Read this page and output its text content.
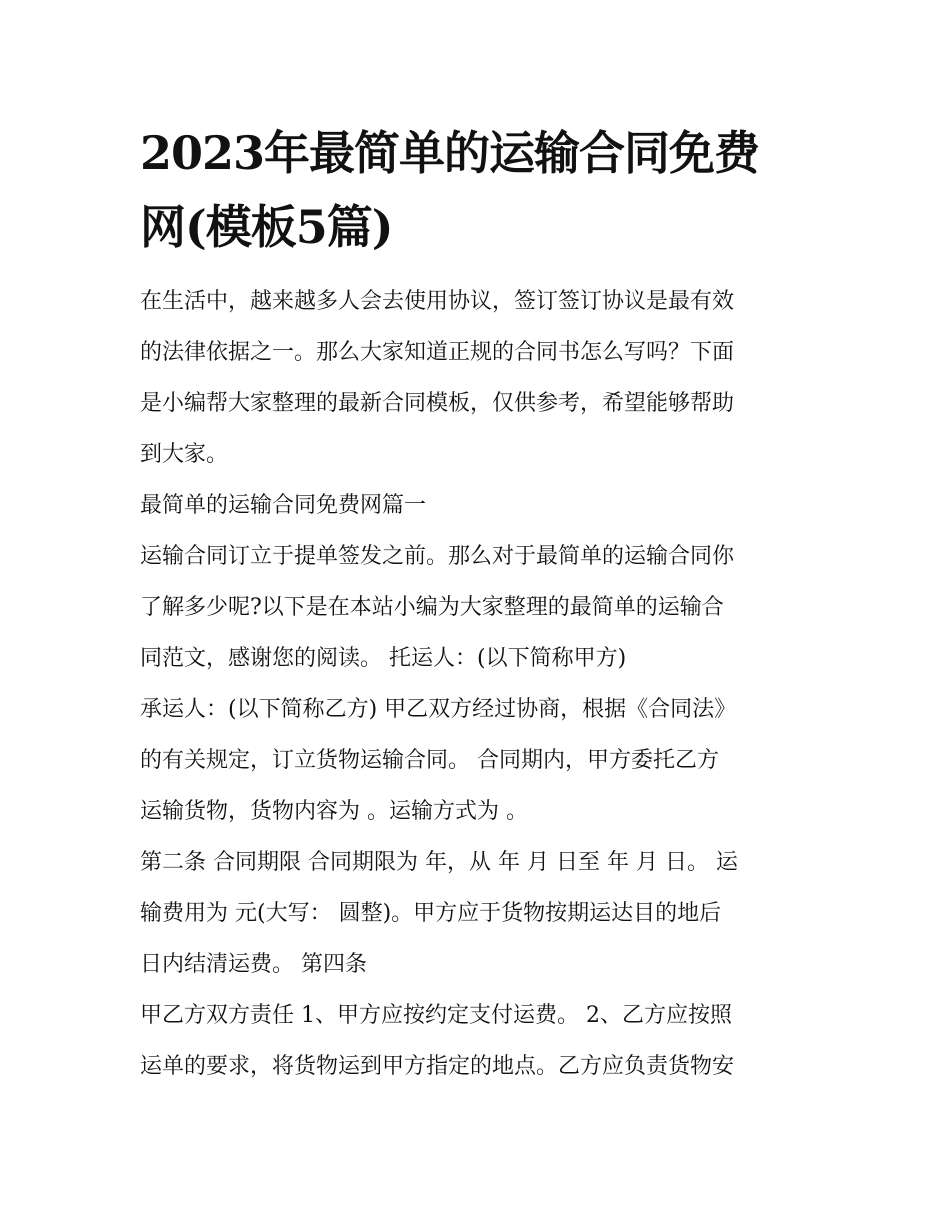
2023年最简单的运输合同免费
网(模板5篇)

在生活中，越来越多人会去使用协议，签订签订协议是最有效

的法律依据之一。那么大家知道正规的合同书怎么写吗？下面

是小编帮大家整理的最新合同模板，仅供参考，希望能够帮助

到大家。

最简单的运输合同免费网篇一

运输合同订立于提单签发之前。那么对于最简单的运输合同你

了解多少呢?以下是在本站小编为大家整理的最简单的运输合

同范文，感谢您的阅读。 托运人：(以下简称甲方)

承运人：(以下简称乙方) 甲乙双方经过协商，根据《合同法》

的有关规定，订立货物运输合同。 合同期内，甲方委托乙方

运输货物，货物内容为 。运输方式为 。

第二条 合同期限 合同期限为 年，从 年 月 日至 年 月 日。 运

输费用为 元(大写： 圆整)。甲方应于货物按期运达目的地后

日内结清运费。 第四条

甲乙方双方责任 1、甲方应按约定支付运费。 2、乙方应按照

运单的要求，将货物运到甲方指定的地点。乙方应负责货物安
